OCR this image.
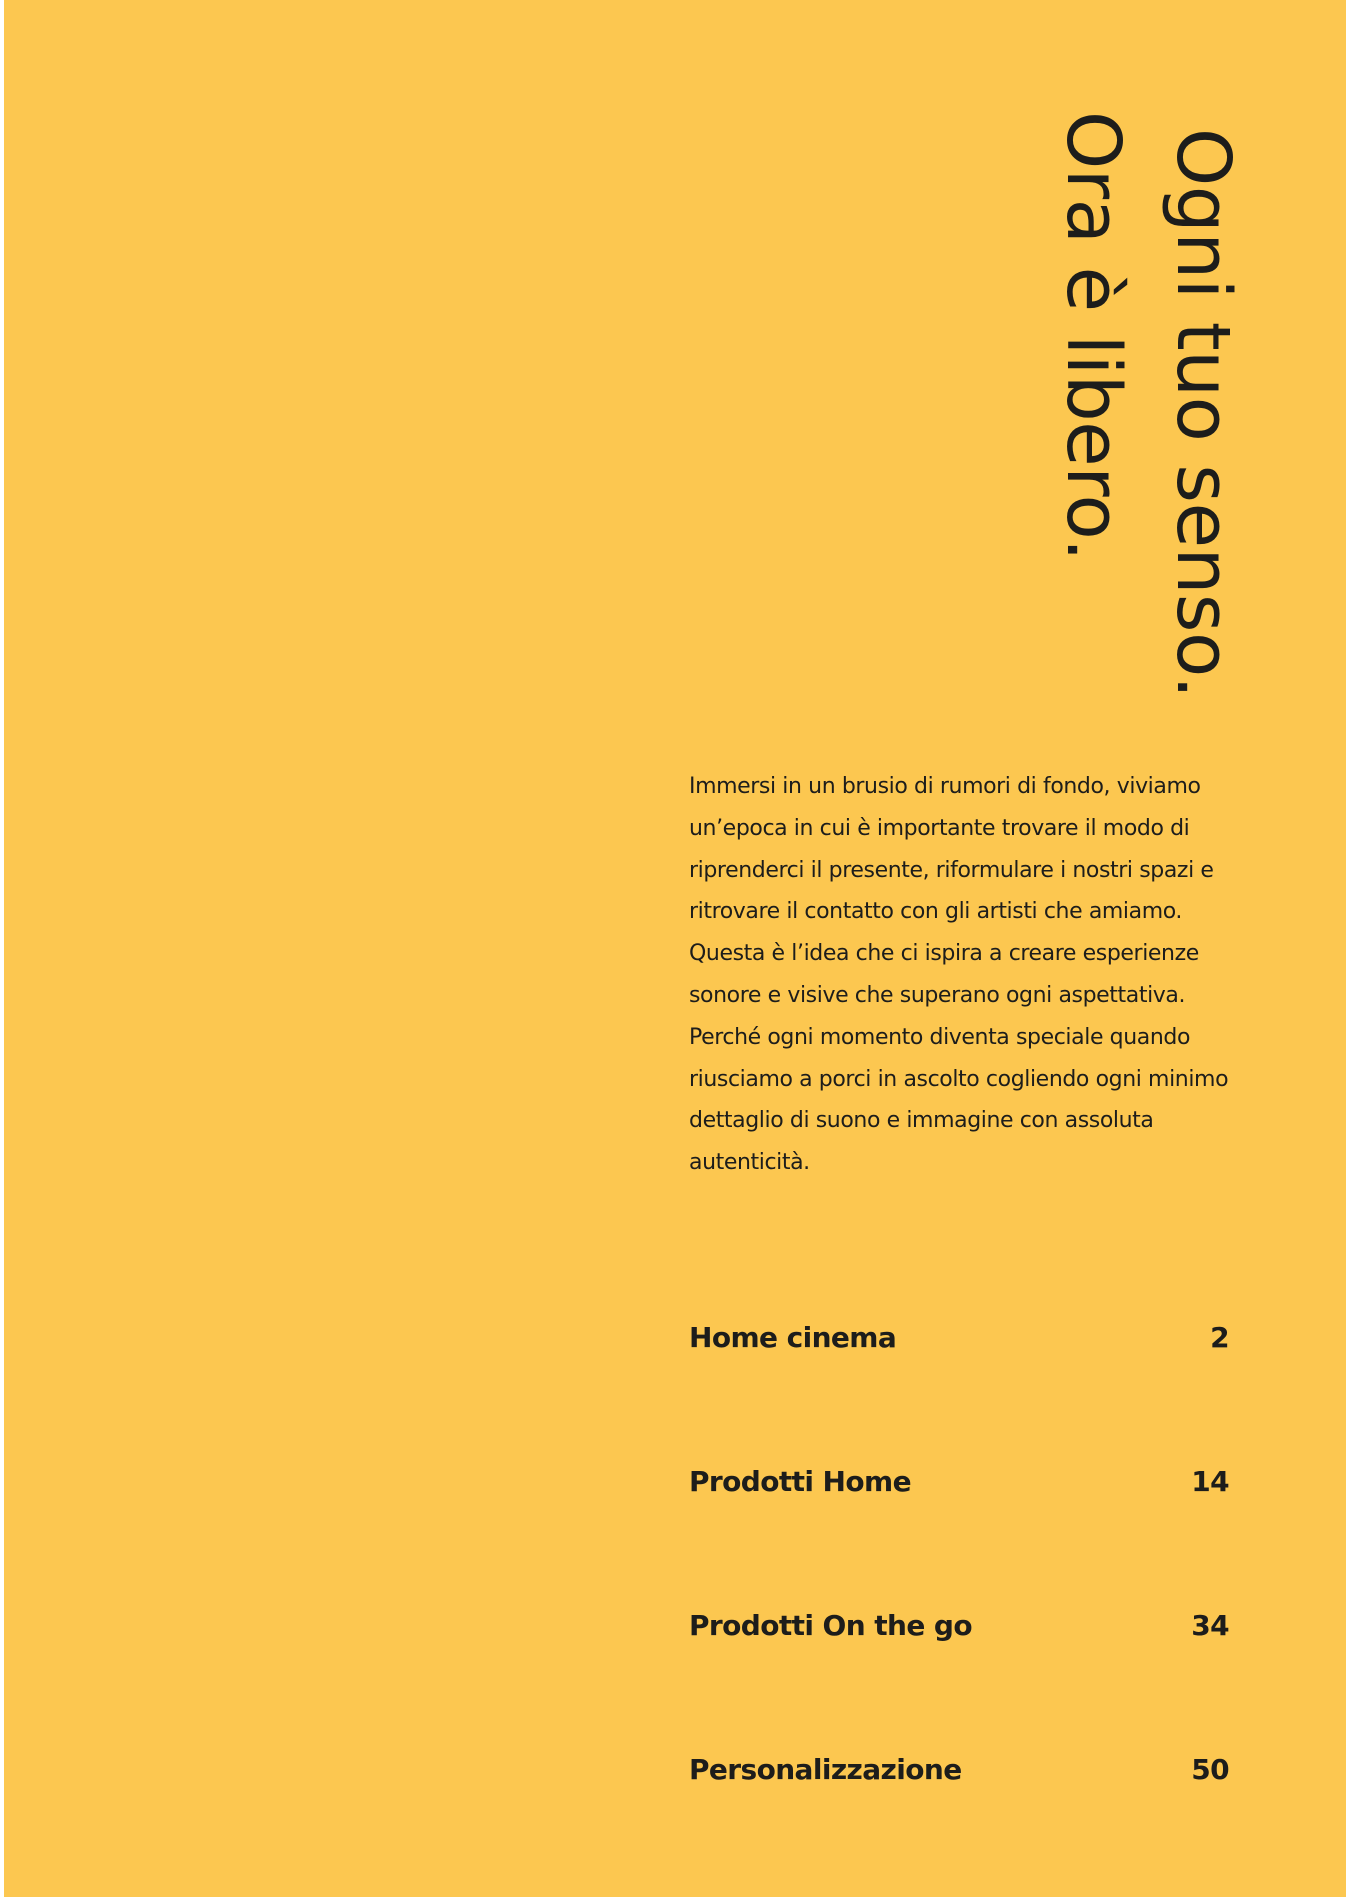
Ogni tuo senso.
Ora è libero.

Immersi in un brusio di rumori di fondo, viviamo un’epoca in cui è importante trovare il modo di riprenderci il presente, riformulare i nostri spazi e ritrovare il contatto con gli artisti che amiamo. Questa è l’idea che ci ispira a creare esperienze sonore e visive che superano ogni aspettativa. Perché ogni momento diventa speciale quando riusciamo a porci in ascolto cogliendo ogni minimo dettaglio di suono e immagine con assoluta autenticità.

Home cinema	2
Prodotti Home	14
Prodotti On the go	34
Personalizzazione	50
